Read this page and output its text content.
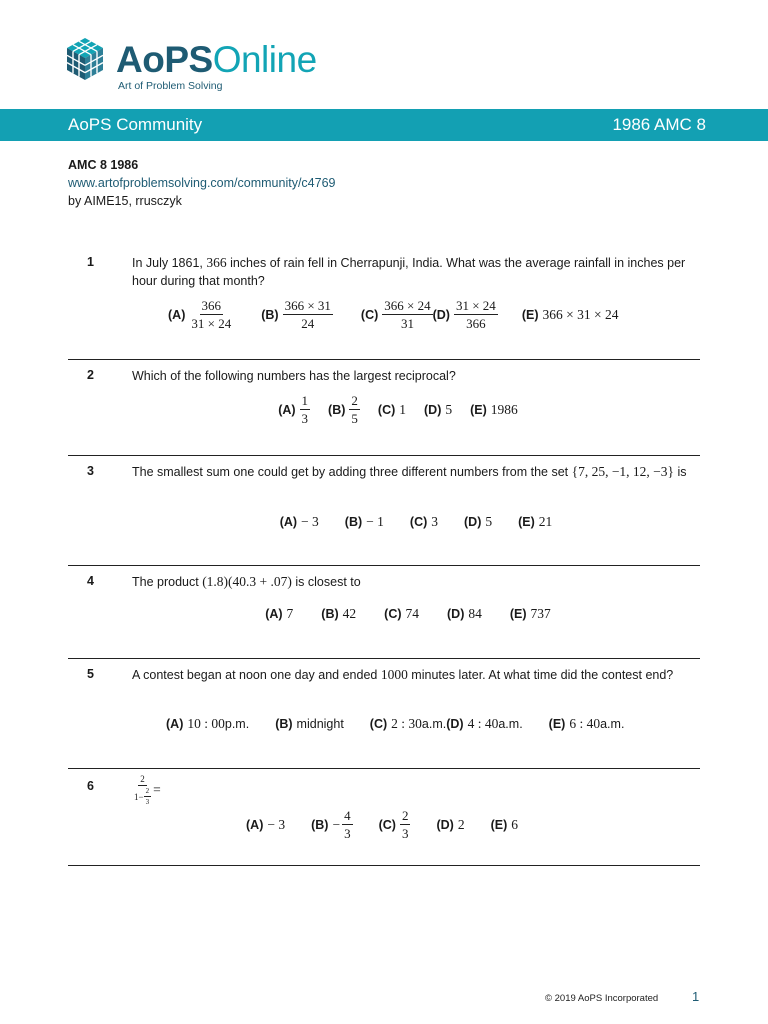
AoPSOnline
Art of Problem Solving
AoPS Community	1986 AMC 8
AMC 8 1986
www.artofproblemsolving.com/community/c4769
by AIME15, rrusczyk
1	In July 1861, 366 inches of rain fell in Cherrapunji, India. What was the average rainfall in inches per hour during that month?
$(A) \frac{366}{31 \times 24} (B) \frac{366 \times 31}{24} (C) \frac{366 \times 24}{31} (D) \frac{31 \times 24}{366} (E) 366 \times 31 \times 24$
2	Which of the following numbers has the largest reciprocal?
$(A) \frac{1}{3} (B) \frac{2}{5} (C)$ 1 (D) 5 (E) 1986
3	The smallest sum one could get by adding three different numbers from the set {7, 25, −1, 12, −3} is
(A) − 3 (B) − 1 (C) 3 (D) 5 (E) 21
4	The product (1.8)(40.3 + .07) is closest to
(A) 7 (B) 42 (C) 74 (D) 84 (E) 737
5	A contest began at noon one day and ended 1000 minutes later. At what time did the contest end?
(A) 10 : 00 p.m. (B) midnight (C) 2 : 30 a.m. (D) 4 : 40 a.m. (E) 6 : 40 a.m.
6	$\frac{2}{1- \frac{2}{3}}$ =
(A) − 3 $(B) - \frac{4}{3} (C) \frac{2}{3} (D)$ 2 (E) 6
© 2019 AoPS Incorporated	1
